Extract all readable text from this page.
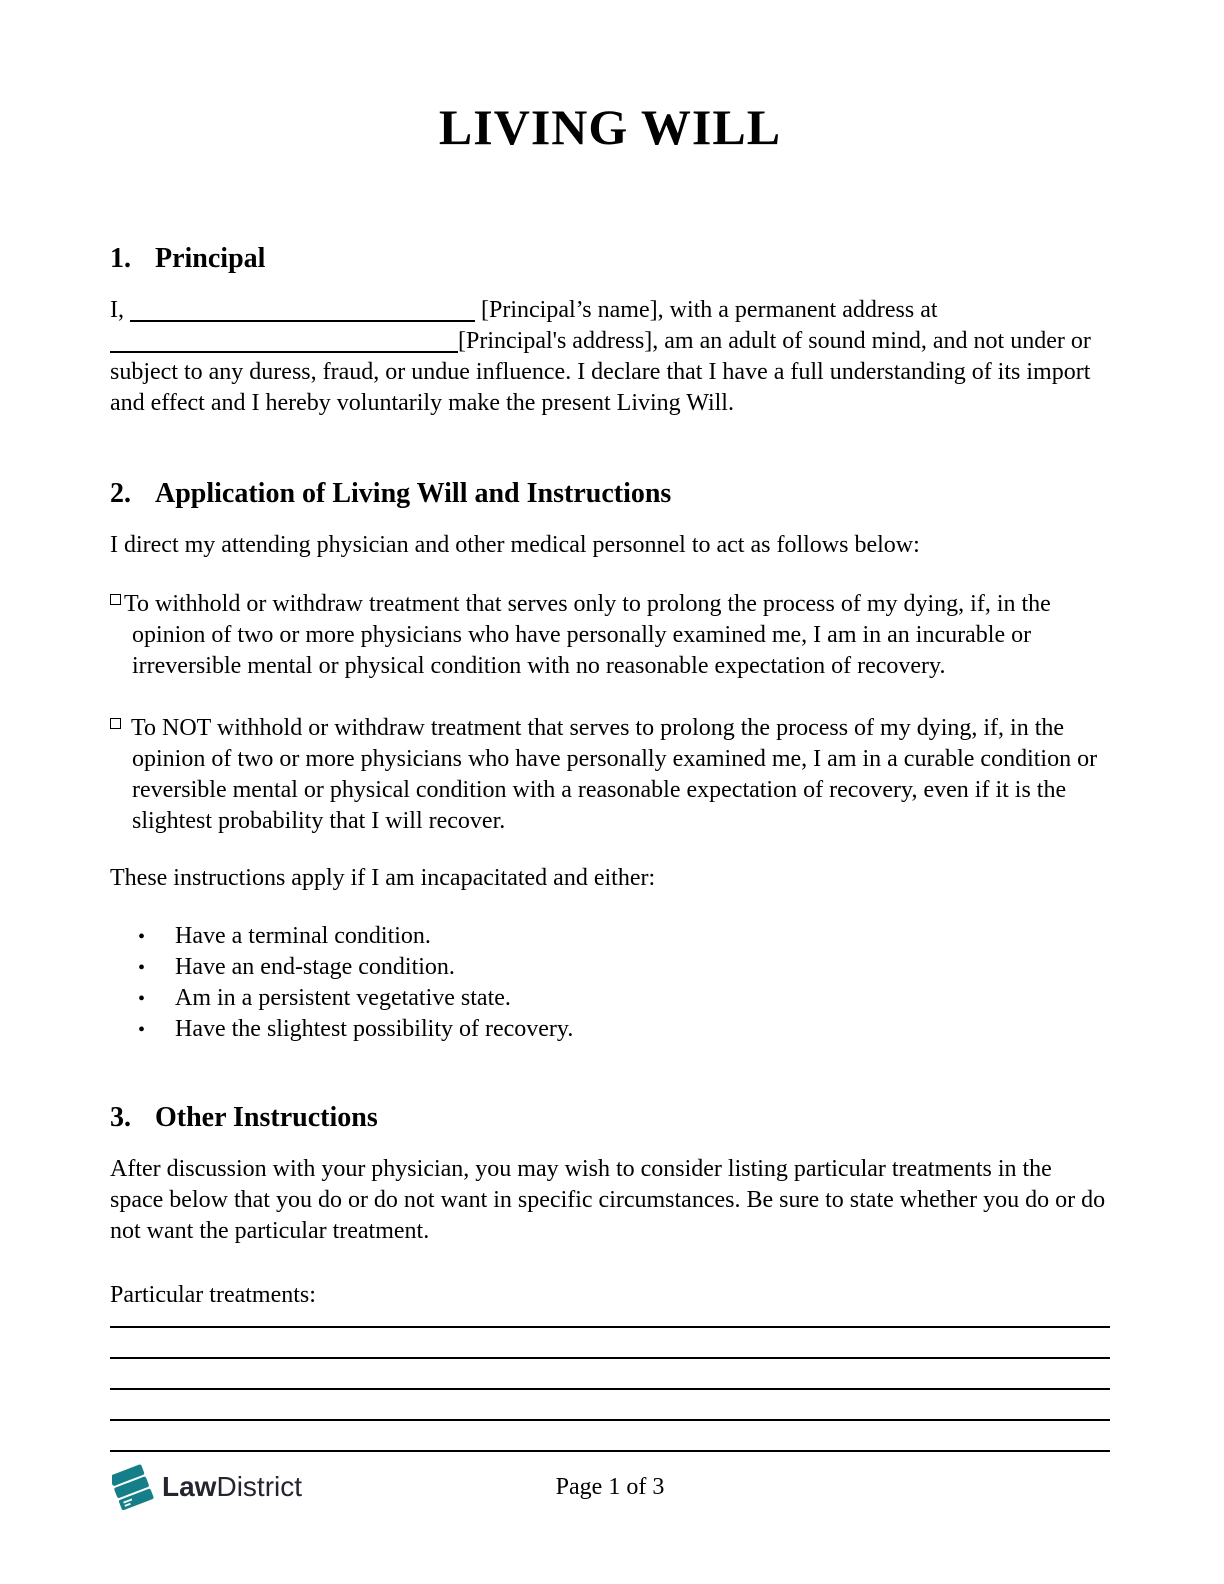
LIVING WILL
1. Principal
I,	[Principal’s name], with a permanent address at [Principal's address], am an adult of sound mind, and not under or subject to any duress, fraud, or undue influence. I declare that I have a full understanding of its import and effect and I hereby voluntarily make the present Living Will.
2. Application of Living Will and Instructions
I direct my attending physician and other medical personnel to act as follows below:
To withhold or withdraw treatment that serves only to prolong the process of my dying, if, in the opinion of two or more physicians who have personally examined me, I am in an incurable or irreversible mental or physical condition with no reasonable expectation of recovery.
To NOT withhold or withdraw treatment that serves to prolong the process of my dying, if, in the opinion of two or more physicians who have personally examined me, I am in a curable condition or reversible mental or physical condition with a reasonable expectation of recovery, even if it is the slightest probability that I will recover.
These instructions apply if I am incapacitated and either:
• Have a terminal condition.
• Have an end-stage condition.
• Am in a persistent vegetative state.
• Have the slightest possibility of recovery.
3. Other Instructions
After discussion with your physician, you may wish to consider listing particular treatments in the space below that you do or do not want in specific circumstances. Be sure to state whether you do or do not want the particular treatment.
Particular treatments:
LawDistrict	Page 1 of 3
